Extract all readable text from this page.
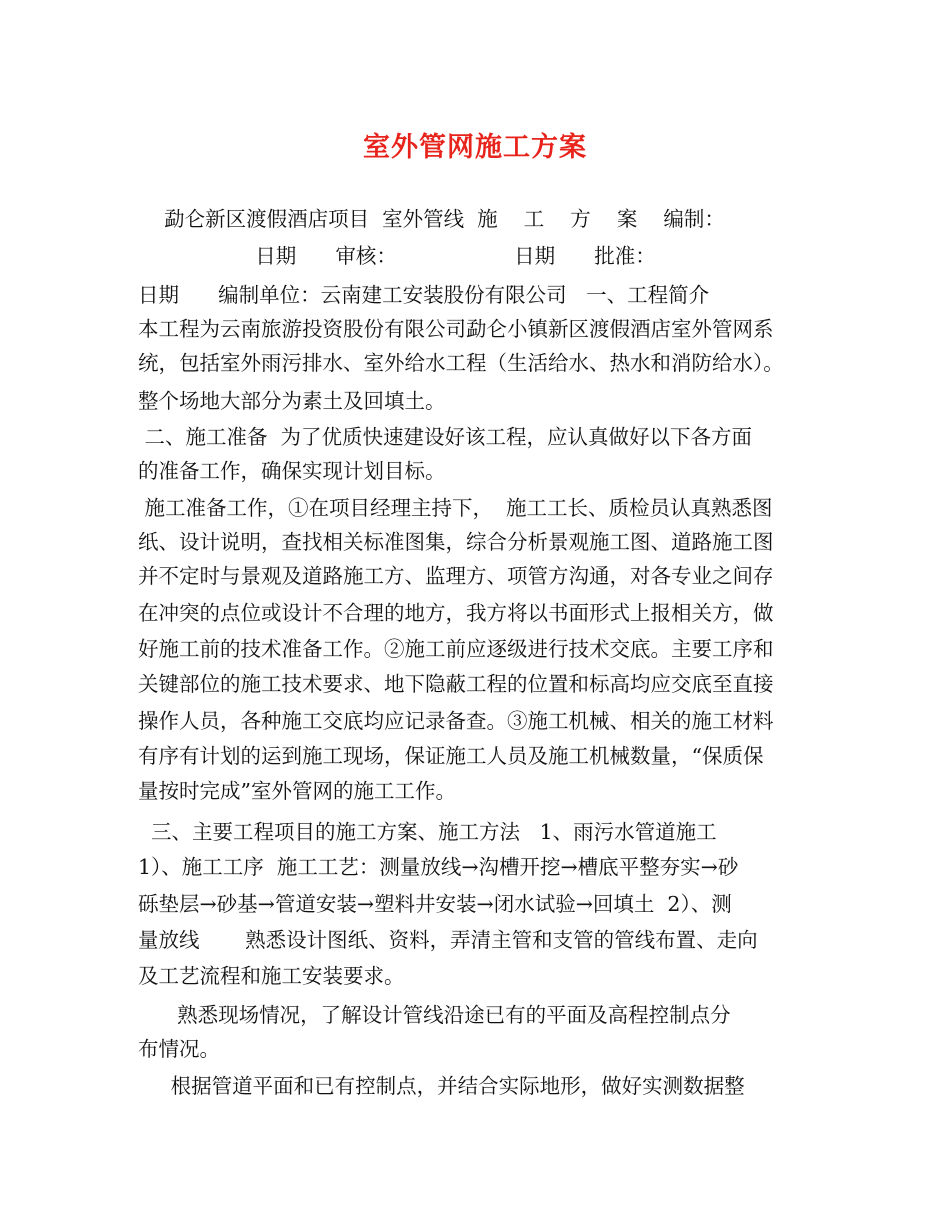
室外管网施工方案
勐仑新区渡假酒店项目  室外管线  施    工    方    案    编制：
日期      审核：                  日期      批准：
日期      编制单位：云南建工安装股份有限公司   一、工程简介
本工程为云南旅游投资股份有限公司勐仑小镇新区渡假酒店室外管网系
统，包括室外雨污排水、室外给水工程（生活给水、热水和消防给水）。
整个场地大部分为素土及回填土。
二、施工准备  为了优质快速建设好该工程，应认真做好以下各方面
的准备工作，确保实现计划目标。
施工准备工作，①在项目经理主持下，  施工工长、质检员认真熟悉图
纸、设计说明，查找相关标准图集，综合分析景观施工图、道路施工图
并不定时与景观及道路施工方、监理方、项管方沟通，对各专业之间存
在冲突的点位或设计不合理的地方，我方将以书面形式上报相关方，做
好施工前的技术准备工作。②施工前应逐级进行技术交底。主要工序和
关键部位的施工技术要求、地下隐蔽工程的位置和标高均应交底至直接
操作人员，各种施工交底均应记录备查。③施工机械、相关的施工材料
有序有计划的运到施工现场，保证施工人员及施工机械数量，“保质保
量按时完成”室外管网的施工工作。
三、主要工程项目的施工方案、施工方法   1、雨污水管道施工
1）、施工工序  施工工艺：测量放线→沟槽开挖→槽底平整夯实→砂
砾垫层→砂基→管道安装→塑料井安装→闭水试验→回填土  2）、测
量放线       熟悉设计图纸、资料，弄清主管和支管的管线布置、走向
及工艺流程和施工安装要求。
熟悉现场情况，了解设计管线沿途已有的平面及高程控制点分
布情况。
根据管道平面和已有控制点，并结合实际地形，做好实测数据整
